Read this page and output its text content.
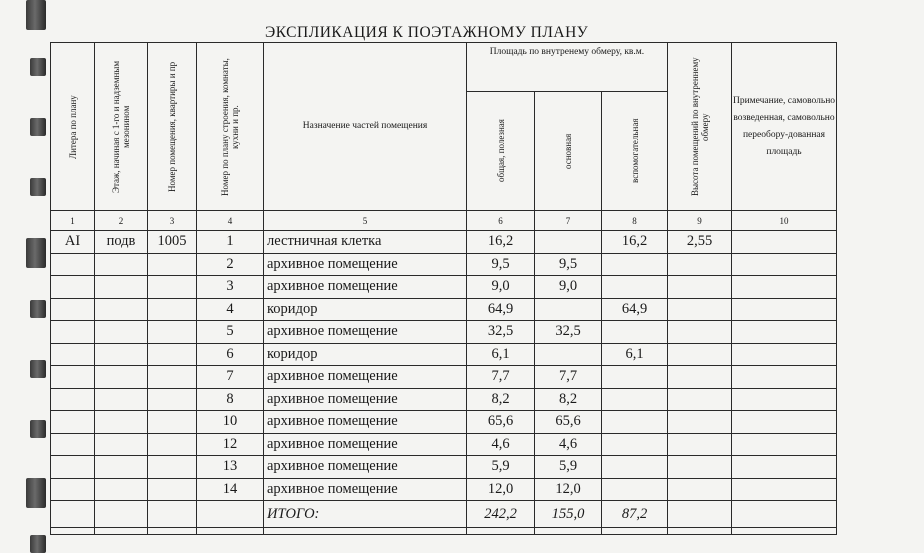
ЭКСПЛИКАЦИЯ К ПОЭТАЖНОМУ ПЛАНУ
Литера по плану	Этаж, начиная с 1-го и надземным мезонином	Номер помещения, квартиры и пр	Номер по плану строения, комнаты, кухни и пр.	Назначение частей помещения	Площадь по внутренему обмеру, кв.м.			Высота помещений по внутреннему обмеру	Примечание, самовольно возведенная, самовольно переобору-дованная площадь

					общая, полезная	основная	вспомогательная		

1	2	3	4	5	6	7	8	9	10
АI	подв	1005	1	лестничная клетка	16,2		16,2	2,55	
			2	архивное помещение	9,5	9,5			
			3	архивное помещение	9,0	9,0			
			4	коридор	64,9		64,9		
			5	архивное помещение	32,5	32,5			
			6	коридор	6,1		6,1		
			7	архивное помещение	7,7	7,7			
			8	архивное помещение	8,2	8,2			
			10	архивное помещение	65,6	65,6			
			12	архивное помещение	4,6	4,6			
			13	архивное помещение	5,9	5,9			
			14	архивное помещение	12,0	12,0			
				ИТОГО:	242,2	155,0	87,2		
